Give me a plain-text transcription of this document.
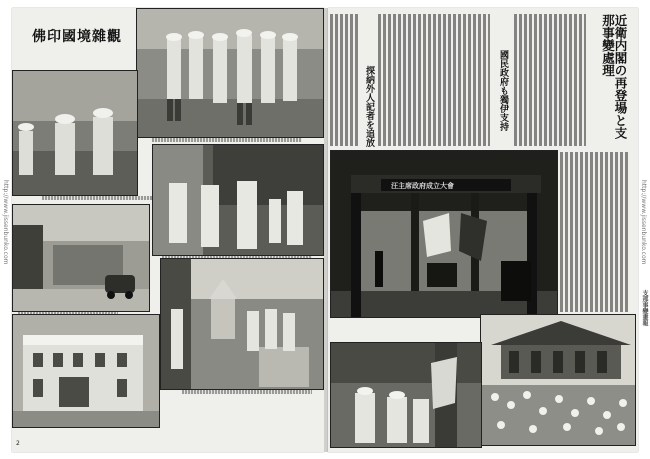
http://www.jissenbunko.com	http://www.jissenbunko.com
支那事變畫報
佛印國境雜觀
2
近衛内閣の再登場と支那事變處理
國民政府も獨伊支持
探納外人記者を追放
汪主席政府成立大會
